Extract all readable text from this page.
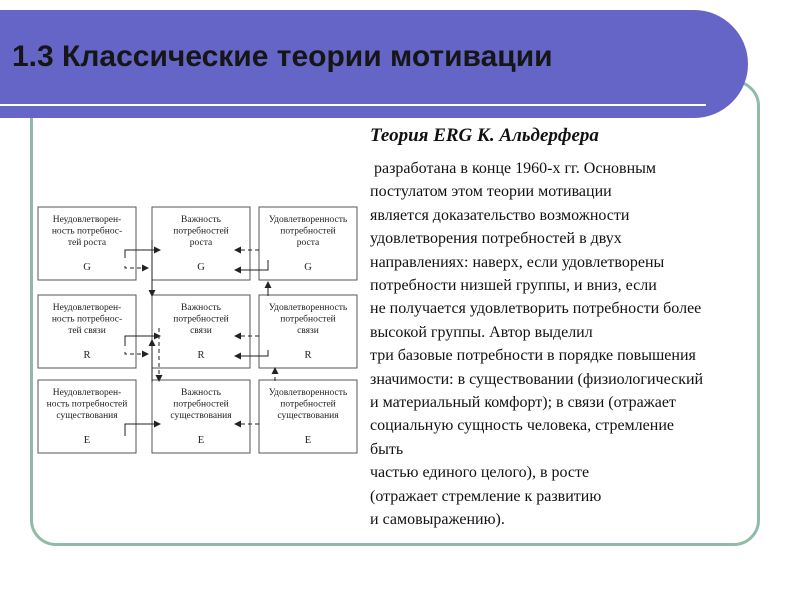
1.3 Классические теории мотивации
Неудовлетворен-
ность потребнос-
тей роста
G
Важность
потребностей
роста
G
Удовлетворенность
потребностей
роста
G
Неудовлетворен-
ность потребнос-
тей связи
R
Важность
потребностей
связи
R
Удовлетворенность
потребностей
связи
R
Неудовлетворен-
ность потребностей
существования
E
Важность
потребностей
существования
E
Удовлетворенность
потребностей
существования
E
Теория ERG К. Альдерфера
разработана в конце 1960-х гг. Основным
постулатом этом теории мотивации
является доказательство возможности
удовлетворения потребностей в двух
направлениях: наверх, если удовлетворены
потребности низшей группы, и вниз, если
не получается удовлетворить потребности более
высокой группы. Автор выделил
три базовые потребности в порядке повышения
значимости: в существовании (физиологический
и материальный комфорт); в связи (отражает
социальную сущность человека, стремление
быть
частью единого целого), в росте
(отражает стремление к развитию
и самовыражению).
